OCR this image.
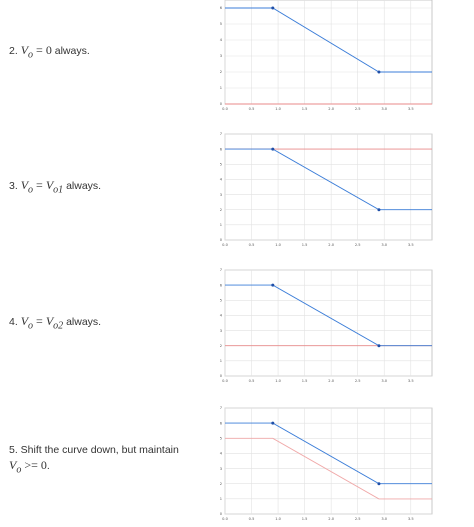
2. $V_o = 0$ always.
0.0	0.5	1.0	1.5	2.0	2.5	3.0	3.5
0
1
2
3
4
5
6
3. $V_o = V_{o1}$ always.
0.0	0.5	1.0	1.5	2.0	2.5	3.0	3.5
0
1
2
3
4
5
6
7
4. $V_o = V_{o2}$ always.
0.0	0.5	1.0	1.5	2.0	2.5	3.0	3.5
0
1
2
3
4
5
6
7
5. Shift the curve down, but maintain
$V_o >= 0$.
0.0	0.5	1.0	1.5	2.0	2.5	3.0	3.5
0
1
2
3
4
5
6
7
